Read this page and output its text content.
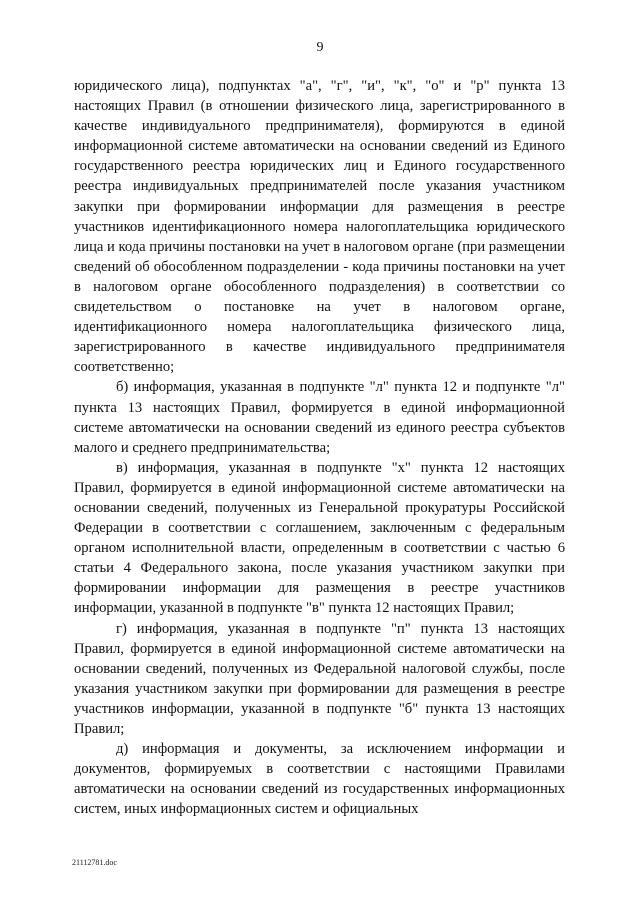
9

юридического лица), подпунктах "а", "г", "и", "к", "о" и "р" пункта 13 настоящих Правил (в отношении физического лица, зарегистрированного в качестве индивидуального предпринимателя), формируются в единой информационной системе автоматически на основании сведений из Единого государственного реестра юридических лиц и Единого государственного реестра индивидуальных предпринимателей после указания участником закупки при формировании информации для размещения в реестре участников идентификационного номера налогоплательщика юридического лица и кода причины постановки на учет в налоговом органе (при размещении сведений об обособленном подразделении - кода причины постановки на учет в налоговом органе обособленного подразделения) в соответствии со свидетельством о постановке на учет в налоговом органе, идентификационного номера налогоплательщика физического лица, зарегистрированного в качестве индивидуального предпринимателя соответственно;

б) информация, указанная в подпункте "л" пункта 12 и подпункте "л" пункта 13 настоящих Правил, формируется в единой информационной системе автоматически на основании сведений из единого реестра субъектов малого и среднего предпринимательства;

в) информация, указанная в подпункте "х" пункта 12 настоящих Правил, формируется в единой информационной системе автоматически на основании сведений, полученных из Генеральной прокуратуры Российской Федерации в соответствии с соглашением, заключенным с федеральным органом исполнительной власти, определенным в соответствии с частью 6 статьи 4 Федерального закона, после указания участником закупки при формировании информации для размещения в реестре участников информации, указанной в подпункте "в" пункта 12 настоящих Правил;

г) информация, указанная в подпункте "п" пункта 13 настоящих Правил, формируется в единой информационной системе автоматически на основании сведений, полученных из Федеральной налоговой службы, после указания участником закупки при формировании для размещения в реестре участников информации, указанной в подпункте "б" пункта 13 настоящих Правил;

д) информация и документы, за исключением информации и документов, формируемых в соответствии с настоящими Правилами автоматически на основании сведений из государственных информационных систем, иных информационных систем и официальных

21112781.doc
